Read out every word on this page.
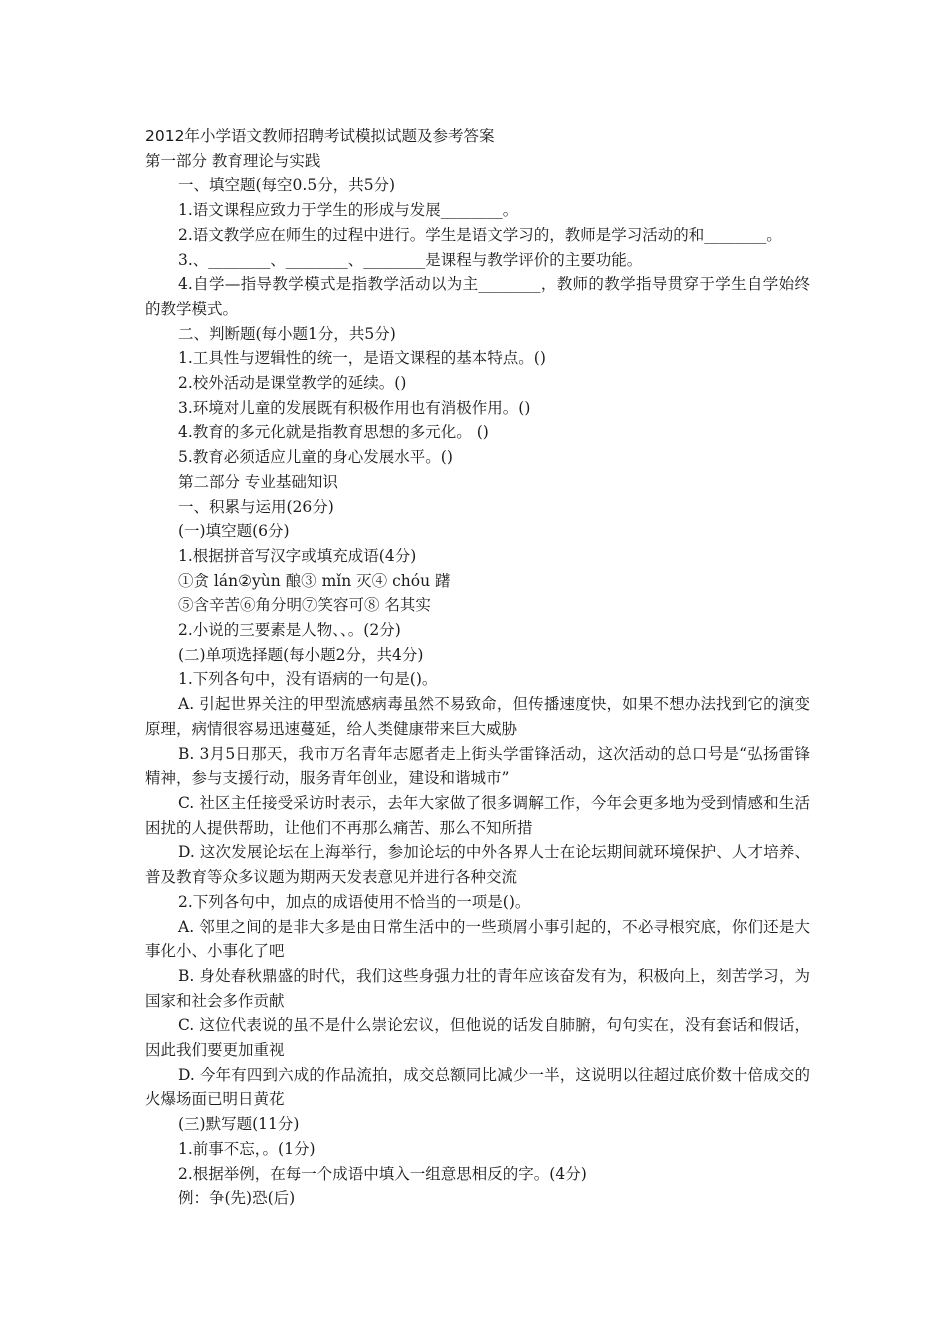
2012年小学语文教师招聘考试模拟试题及参考答案

第一部分 教育理论与实践

一、填空题(每空0.5分，共5分)

1.语文课程应致力于学生的形成与发展________。

2.语文教学应在师生的过程中进行。学生是语文学习的，教师是学习活动的和________。

3.、________、________、________是课程与教学评价的主要功能。

4.自学—指导教学模式是指教学活动以为主________，教师的教学指导贯穿于学生自学始终的教学模式。

二、判断题(每小题1分，共5分)

1.工具性与逻辑性的统一，是语文课程的基本特点。()

2.校外活动是课堂教学的延续。()

3.环境对儿童的发展既有积极作用也有消极作用。()

4.教育的多元化就是指教育思想的多元化。 ()

5.教育必须适应儿童的身心发展水平。()

第二部分 专业基础知识

一、积累与运用(26分)

(一)填空题(6分)

1.根据拼音写汉字或填充成语(4分)

①贪 lán②yùn 酿③ mǐn 灭④ chóu 躇

⑤含辛苦⑥角分明⑦笑容可⑧ 名其实

2.小说的三要素是人物、、。(2分)

(二)单项选择题(每小题2分，共4分)

1.下列各句中，没有语病的一句是()。

A. 引起世界关注的甲型流感病毒虽然不易致命，但传播速度快，如果不想办法找到它的演变原理，病情很容易迅速蔓延，给人类健康带来巨大威胁

B. 3月5日那天，我市万名青年志愿者走上街头学雷锋活动，这次活动的总口号是“弘扬雷锋精神，参与支援行动，服务青年创业，建设和谐城市”

C. 社区主任接受采访时表示，去年大家做了很多调解工作，今年会更多地为受到情感和生活困扰的人提供帮助，让他们不再那么痛苦、那么不知所措

D. 这次发展论坛在上海举行，参加论坛的中外各界人士在论坛期间就环境保护、人才培养、普及教育等众多议题为期两天发表意见并进行各种交流

2.下列各句中，加点的成语使用不恰当的一项是()。

A. 邻里之间的是非大多是由日常生活中的一些琐屑小事引起的，不必寻根究底，你们还是大事化小、小事化了吧

B. 身处春秋鼎盛的时代，我们这些身强力壮的青年应该奋发有为，积极向上，刻苦学习，为国家和社会多作贡献

C. 这位代表说的虽不是什么崇论宏议，但他说的话发自肺腑，句句实在，没有套话和假话，因此我们要更加重视

D. 今年有四到六成的作品流拍，成交总额同比减少一半，这说明以往超过底价数十倍成交的火爆场面已明日黄花

(三)默写题(11分)

1.前事不忘，。(1分)

2.根据举例，在每一个成语中填入一组意思相反的字。(4分)

例：争(先)恐(后)
